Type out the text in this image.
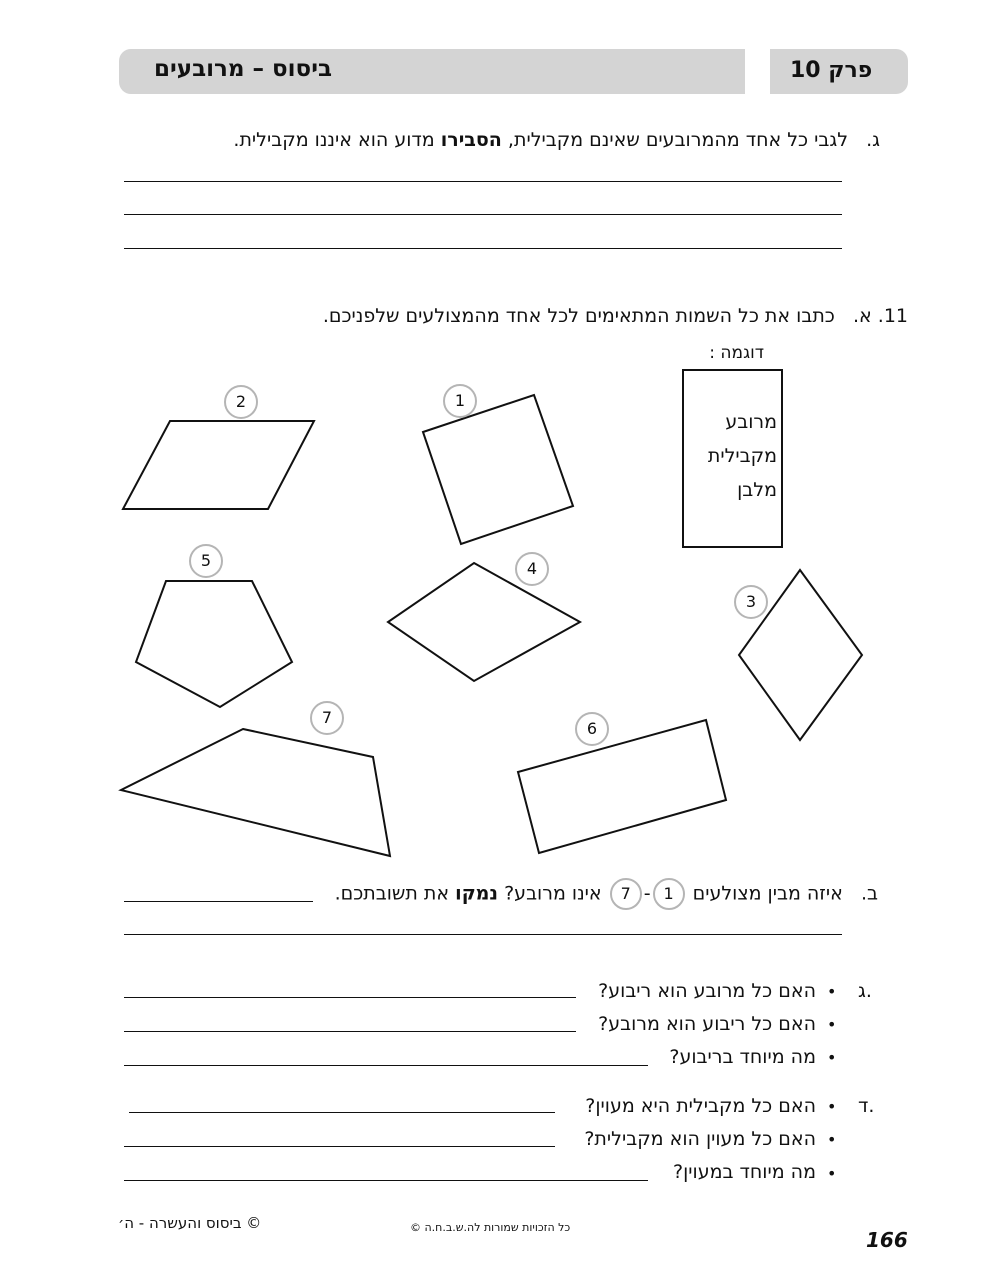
ביסוס – מרובעים	פרק 10
ג.   לגבי כל אחד מהמרובעים שאינם מקבילית, הסבירו מדוע הוא איננו מקבילית.
11. א.   כתבו את כל השמות המתאימים לכל אחד מהמצולעים שלפניכם.
דוגמה :
מרובע
מקבילית
מלבן
2	1
5	4
3
7
6
ב.   איזה מבין מצולעים 1-7 אינו מרובע? נמקו את תשובתכם.
ג.
•
האם כל מרובע הוא ריבוע?
•
האם כל ריבוע הוא מרובע?
•
מה מיוחד בריבוע?
ד.
•
האם כל מקבילית היא מעוין?
•
האם כל מעוין הוא מקבילית?
•
מה מיוחד במעוין?
© ביסוס והעשרה - ה׳	כל הזכויות שמורות לה.ש.ב.ח.ה ©
166
